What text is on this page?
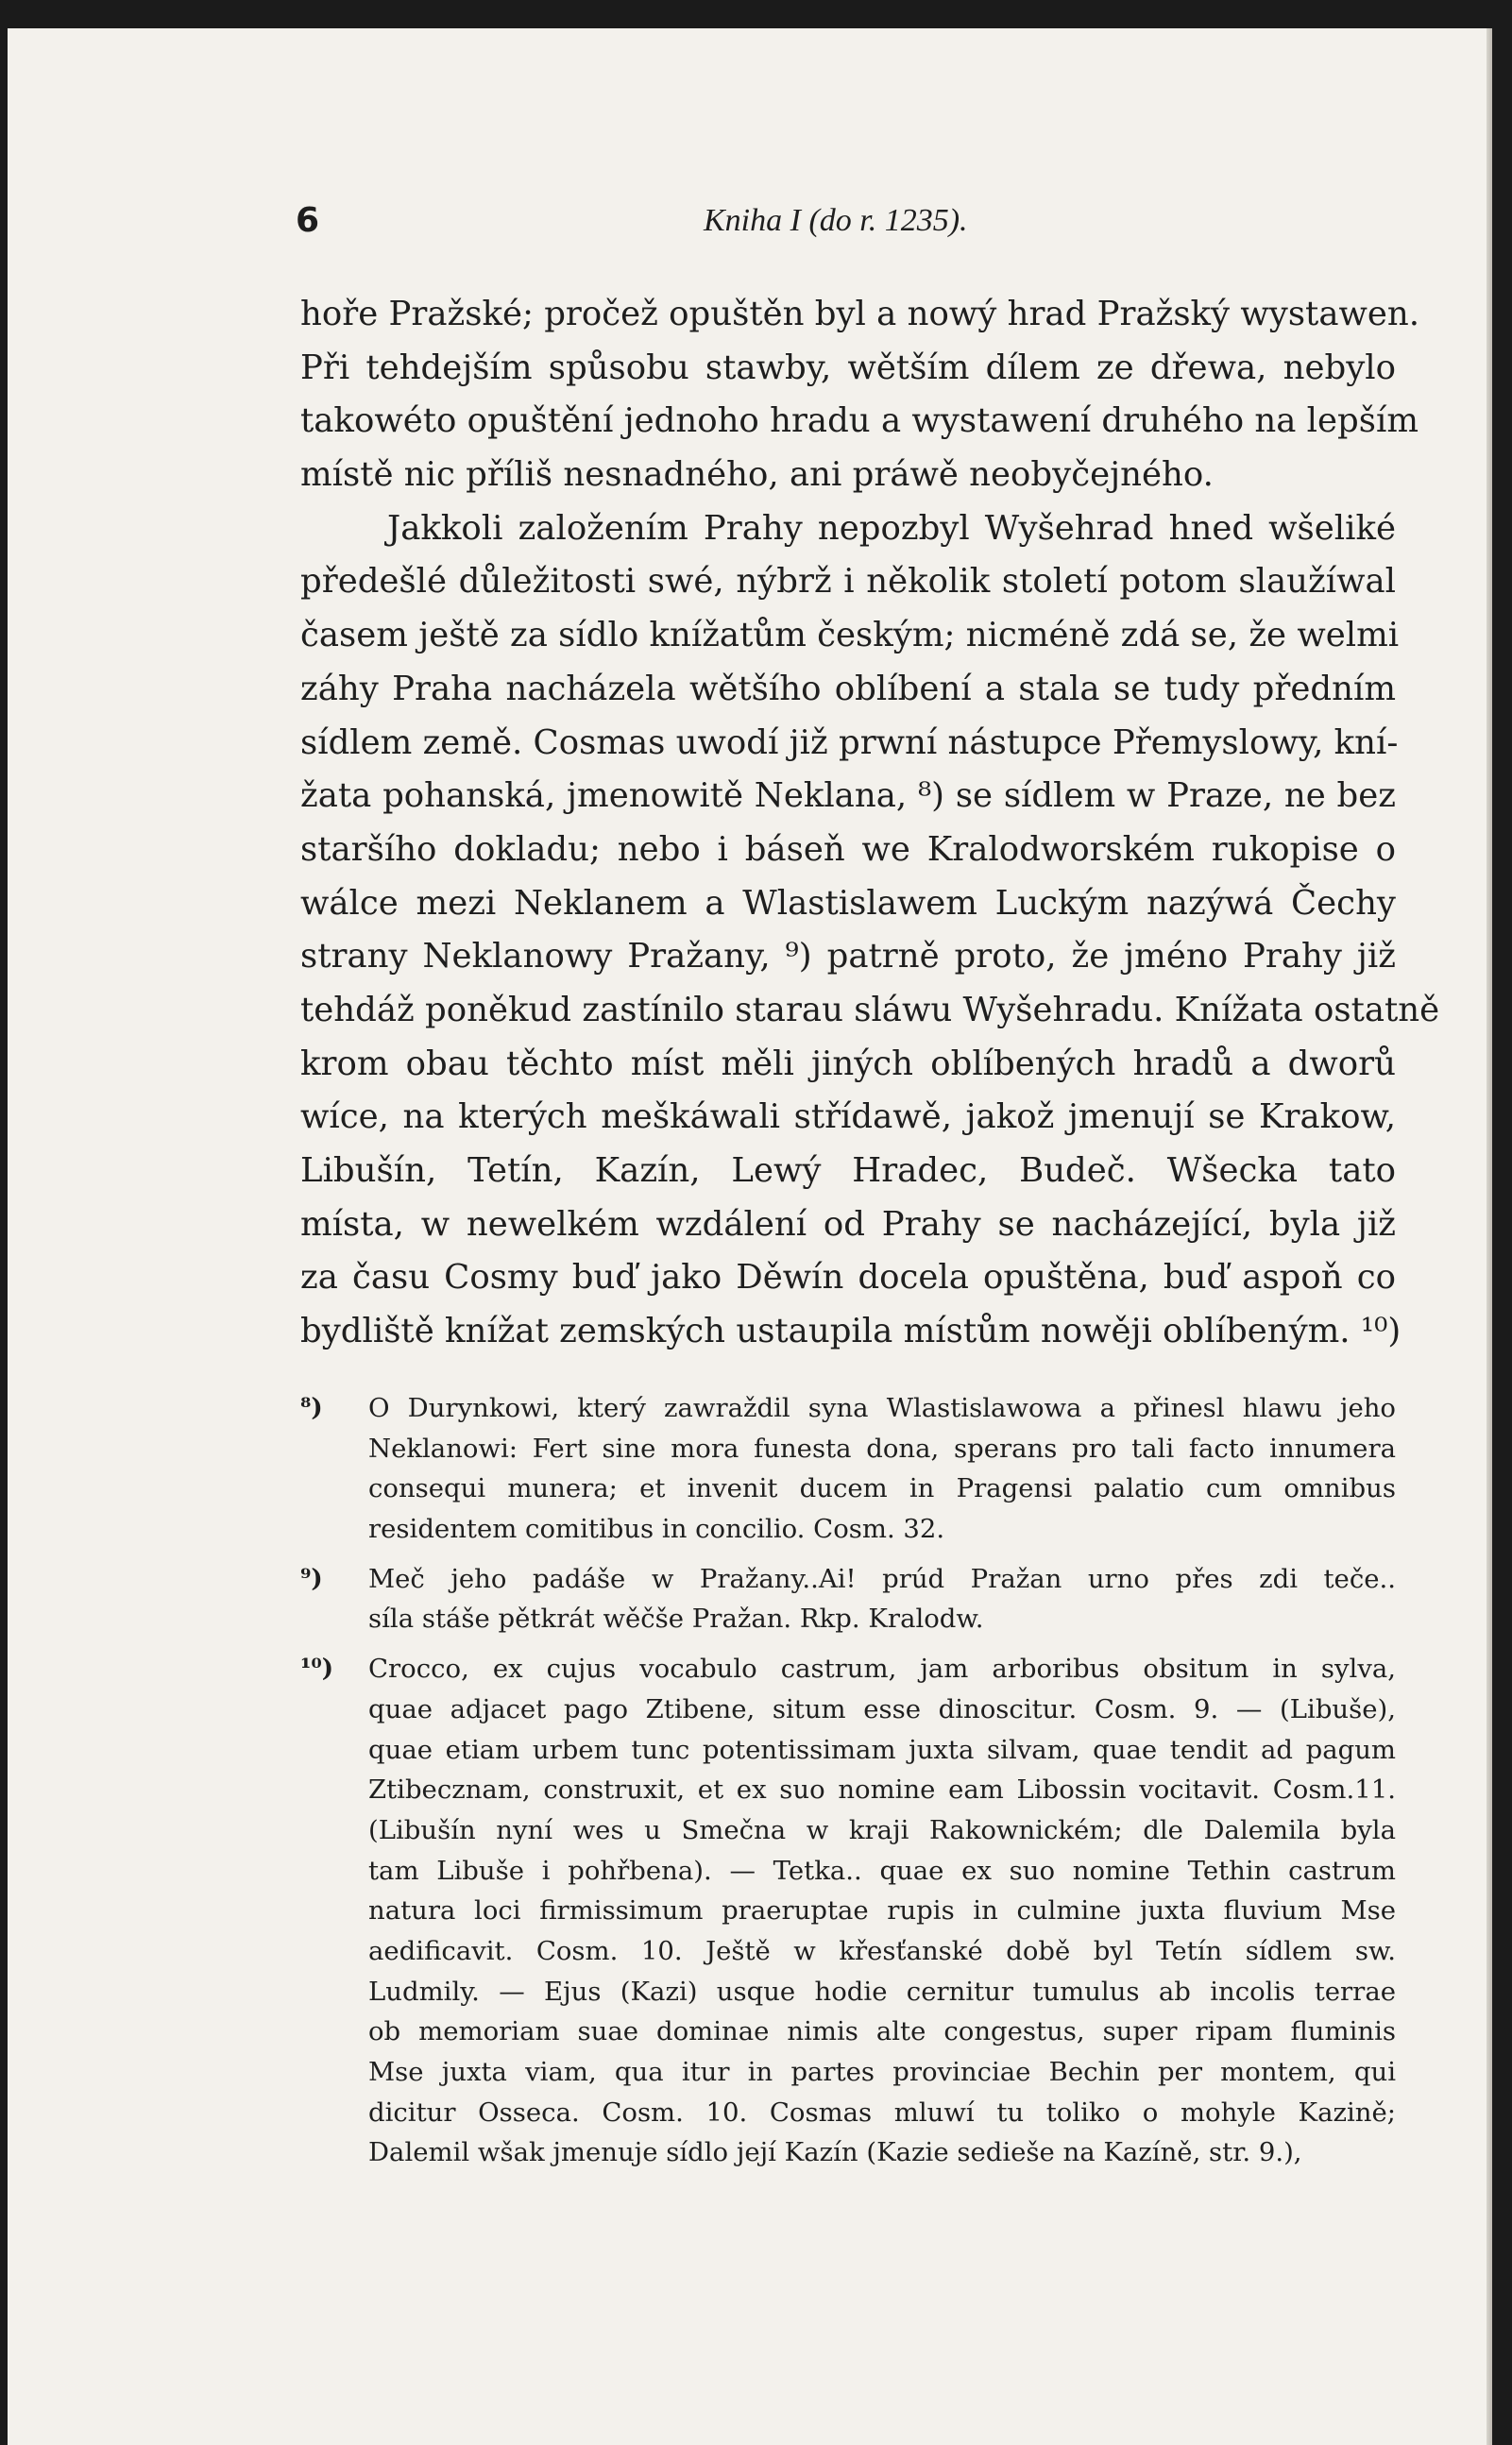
6	Kniha I (do r. 1235).
hoře Pražské; pročež opuštěn byl a nowý hrad Pražský wystawen.
Při tehdejším spůsobu stawby, wětším dílem ze dřewa, nebylo
takowéto opuštění jednoho hradu a wystawení druhého na lepším
místě nic příliš nesnadného, ani práwě neobyčejného.
Jakkoli založením Prahy nepozbyl Wyšehrad hned wšeliké
předešlé důležitosti swé, nýbrž i několik století potom slaužíwal
časem ještě za sídlo knížatům českým; nicméně zdá se, že welmi
záhy Praha nacházela wětšího oblíbení a stala se tudy předním
sídlem země. Cosmas uwodí již prwní nástupce Přemyslowy, kní-
žata pohanská, jmenowitě Neklana, ⁸) se sídlem w Praze, ne bez
staršího dokladu; nebo i báseň we Kralodworském rukopise o
wálce mezi Neklanem a Wlastislawem Luckým nazýwá Čechy
strany Neklanowy Pražany, ⁹) patrně proto, že jméno Prahy již
tehdáž poněkud zastínilo starau sláwu Wyšehradu. Knížata ostatně
krom obau těchto míst měli jiných oblíbených hradů a dworů
wíce, na kterých meškáwali střídawě, jakož jmenují se Krakow,
Libušín, Tetín, Kazín, Lewý Hradec, Budeč. Wšecka tato
místa, w newelkém wzdálení od Prahy se nacházející, byla již
za času Cosmy buď jako Děwín docela opuštěna, buď aspoň co
bydliště knížat zemských ustaupila místům nowěji oblíbeným. ¹⁰)
⁸)	O Durynkowi, který zawraždil syna Wlastislawowa a přinesl hlawu jeho
Neklanowi: Fert sine mora funesta dona, sperans pro tali facto innumera
consequi munera; et invenit ducem in Pragensi palatio cum omnibus
residentem comitibus in concilio. Cosm. 32.
⁹)	Meč jeho padáše w Pražany..Ai! prúd Pražan urno přes zdi teče..
síla stáše pětkrát wěčše Pražan. Rkp. Kralodw.
¹⁰)	Crocco, ex cujus vocabulo castrum, jam arboribus obsitum in sylva,
quae adjacet pago Ztibene, situm esse dinoscitur. Cosm. 9. — (Libuše),
quae etiam urbem tunc potentissimam juxta silvam, quae tendit ad pagum
Ztibecznam, construxit, et ex suo nomine eam Libossin vocitavit. Cosm.11.
(Libušín nyní wes u Smečna w kraji Rakownickém; dle Dalemila byla
tam Libuše i pohřbena). — Tetka.. quae ex suo nomine Tethin castrum
natura loci firmissimum praeruptae rupis in culmine juxta fluvium Mse
aedificavit. Cosm. 10. Ještě w křesťanské době byl Tetín sídlem sw.
Ludmily. — Ejus (Kazi) usque hodie cernitur tumulus ab incolis terrae
ob memoriam suae dominae nimis alte congestus, super ripam fluminis
Mse juxta viam, qua itur in partes provinciae Bechin per montem, qui
dicitur Osseca. Cosm. 10. Cosmas mluwí tu toliko o mohyle Kazině;
Dalemil wšak jmenuje sídlo její Kazín (Kazie sedieše na Kazíně, str. 9.),
